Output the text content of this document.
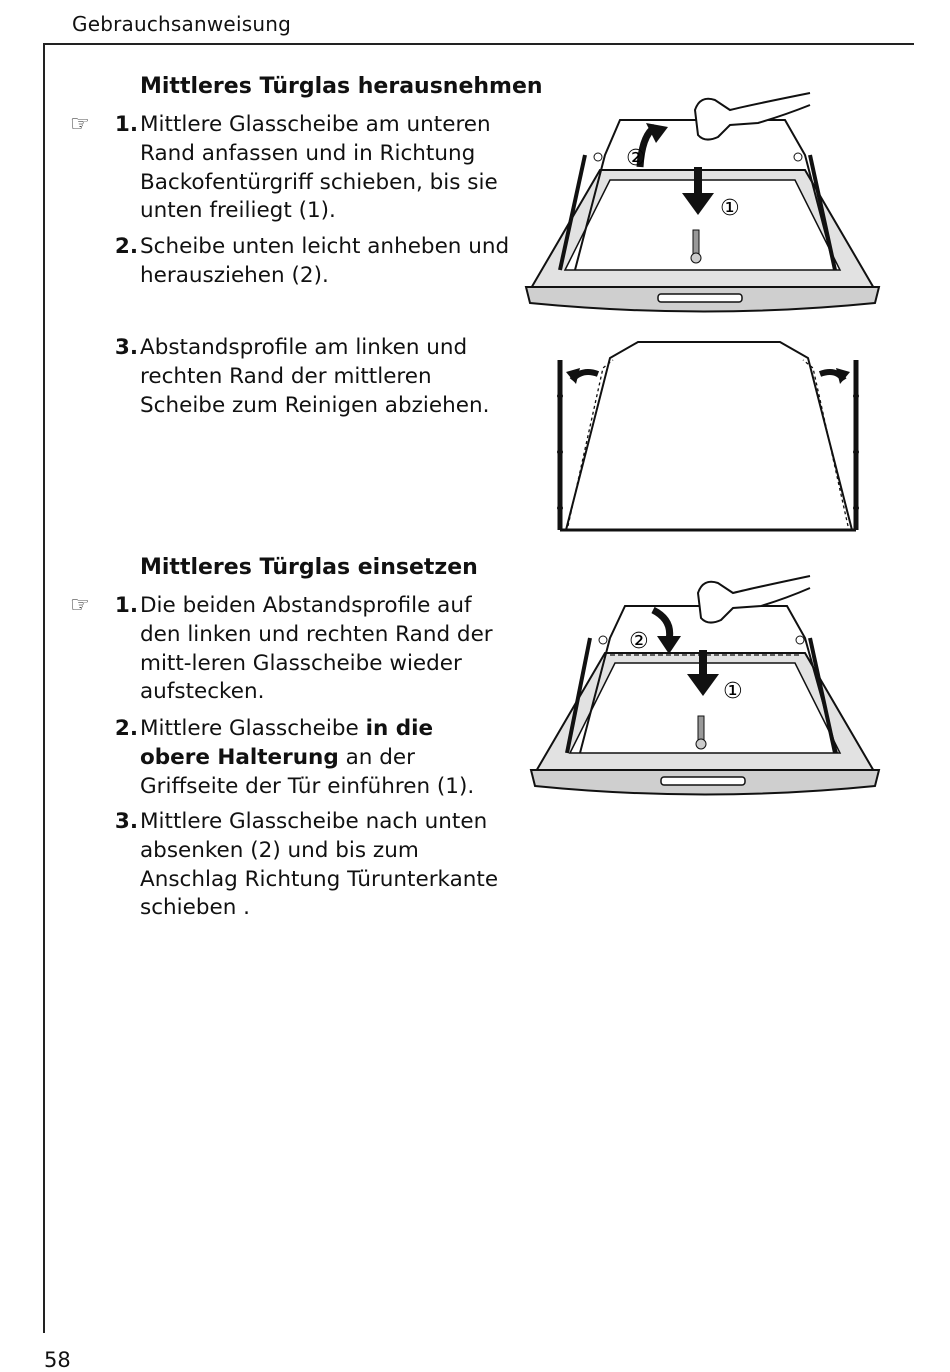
Gebrauchsanweisung
Mittleres Türglas herausnehmen
☞ 1. Mittlere Glasscheibe am unteren Rand anfassen und in Richtung Backofentürgriff schieben, bis sie unten freiliegt (1).
2. Scheibe unten leicht anheben und herausziehen (2).
3. Abstandsprofile am linken und rechten Rand der mittleren Scheibe zum Reinigen abziehen.
Mittleres Türglas einsetzen
☞ 1. Die beiden Abstandsprofile auf den linken und rechten Rand der mitt-leren Glasscheibe wieder aufstecken.
2. Mittlere Glasscheibe in die obere Halterung an der Griffseite der Tür einführen (1).
3. Mittlere Glasscheibe nach unten absenken (2) und bis zum Anschlag Richtung Türunterkante schieben .
②
①
②
①
58
